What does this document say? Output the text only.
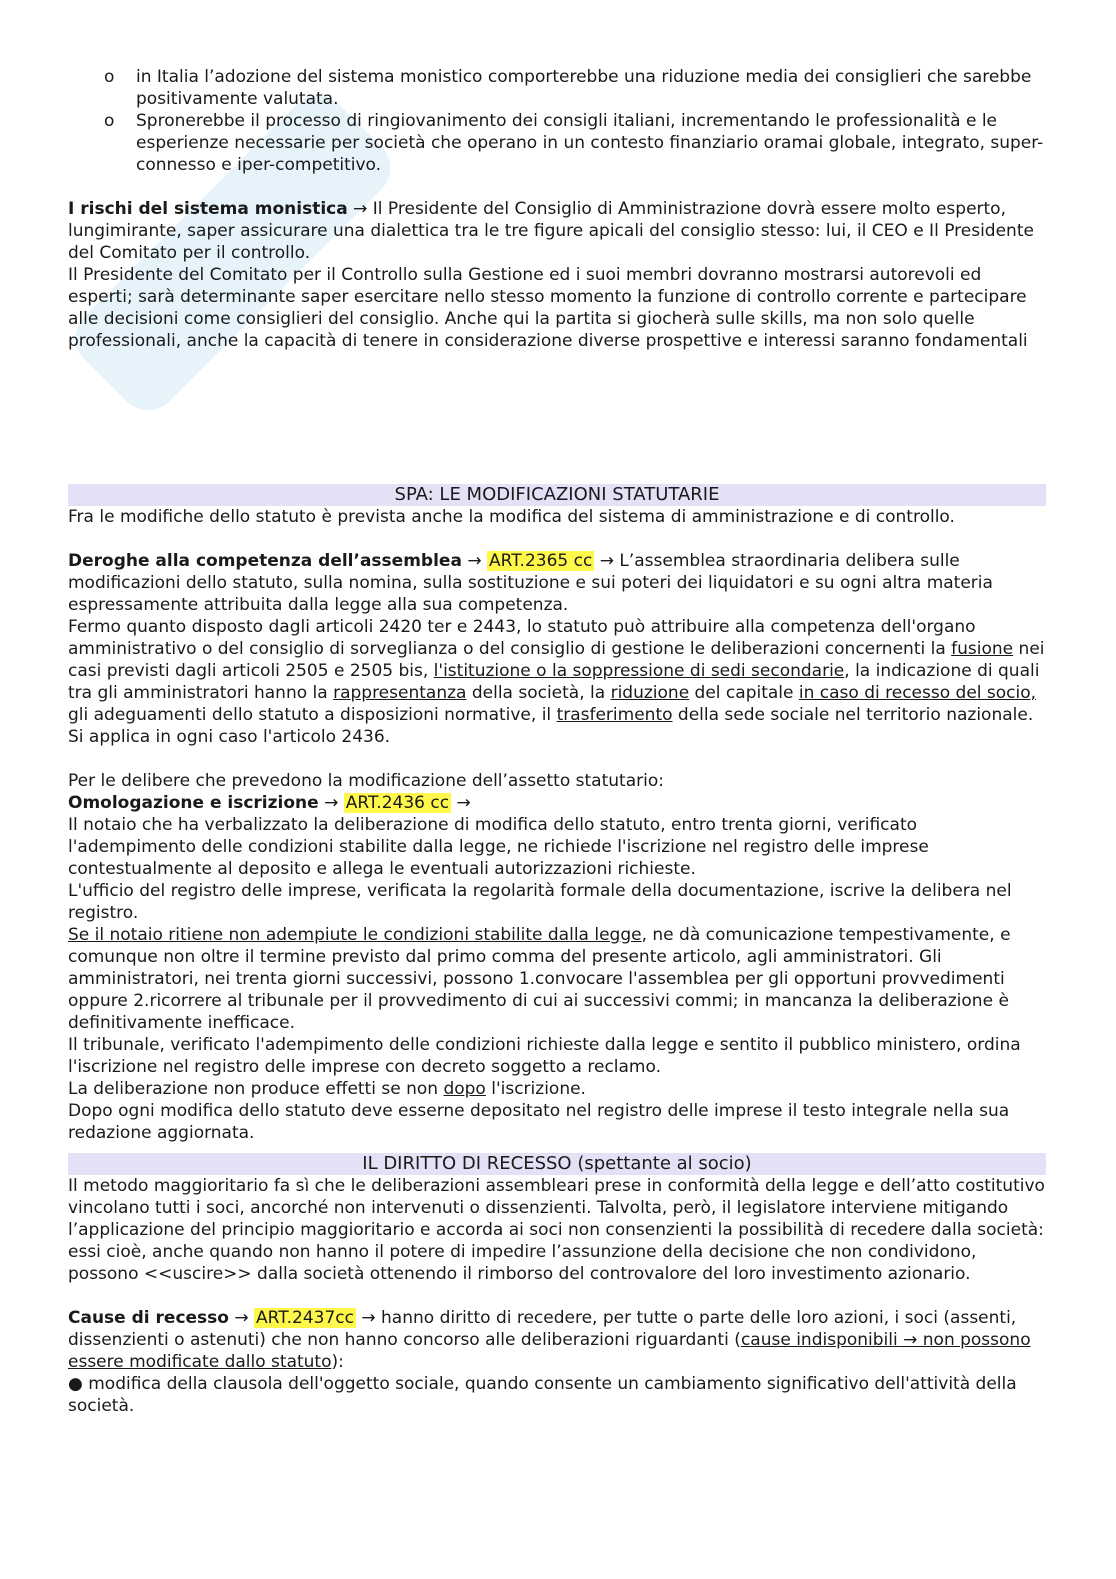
o in Italia l’adozione del sistema monistico comporterebbe una riduzione media dei consiglieri che sarebbe positivamente valutata.
o Spronerebbe il processo di ringiovanimento dei consigli italiani, incrementando le professionalità e le esperienze necessarie per società che operano in un contesto finanziario oramai globale, integrato, super-connesso e iper-competitivo.

I rischi del sistema monistica → Il Presidente del Consiglio di Amministrazione dovrà essere molto esperto, lungimirante, saper assicurare una dialettica tra le tre figure apicali del consiglio stesso: lui, il CEO e Il Presidente del Comitato per il controllo.

Il Presidente del Comitato per il Controllo sulla Gestione ed i suoi membri dovranno mostrarsi autorevoli ed esperti; sarà determinante saper esercitare nello stesso momento la funzione di controllo corrente e partecipare alle decisioni come consiglieri del consiglio. Anche qui la partita si giocherà sulle skills, ma non solo quelle professionali, anche la capacità di tenere in considerazione diverse prospettive e interessi saranno fondamentali

SPA: LE MODIFICAZIONI STATUTARIE

Fra le modifiche dello statuto è prevista anche la modifica del sistema di amministrazione e di controllo.

Deroghe alla competenza dell’assemblea → ART.2365 cc → L’assemblea straordinaria delibera sulle modificazioni dello statuto, sulla nomina, sulla sostituzione e sui poteri dei liquidatori e su ogni altra materia espressamente attribuita dalla legge alla sua competenza.

Fermo quanto disposto dagli articoli 2420 ter e 2443, lo statuto può attribuire alla competenza dell'organo amministrativo o del consiglio di sorveglianza o del consiglio di gestione le deliberazioni concernenti la fusione nei casi previsti dagli articoli 2505 e 2505 bis, l'istituzione o la soppressione di sedi secondarie, la indicazione di quali tra gli amministratori hanno la rappresentanza della società, la riduzione del capitale in caso di recesso del socio, gli adeguamenti dello statuto a disposizioni normative, il trasferimento della sede sociale nel territorio nazionale. Si applica in ogni caso l'articolo 2436.

Per le delibere che prevedono la modificazione dell’assetto statutario:

Omologazione e iscrizione → ART.2436 cc →

Il notaio che ha verbalizzato la deliberazione di modifica dello statuto, entro trenta giorni, verificato l'adempimento delle condizioni stabilite dalla legge, ne richiede l'iscrizione nel registro delle imprese contestualmente al deposito e allega le eventuali autorizzazioni richieste.

L'ufficio del registro delle imprese, verificata la regolarità formale della documentazione, iscrive la delibera nel registro.

Se il notaio ritiene non adempiute le condizioni stabilite dalla legge, ne dà comunicazione tempestivamente, e comunque non oltre il termine previsto dal primo comma del presente articolo, agli amministratori. Gli amministratori, nei trenta giorni successivi, possono 1.convocare l'assemblea per gli opportuni provvedimenti oppure 2.ricorrere al tribunale per il provvedimento di cui ai successivi commi; in mancanza la deliberazione è definitivamente inefficace.

Il tribunale, verificato l'adempimento delle condizioni richieste dalla legge e sentito il pubblico ministero, ordina l'iscrizione nel registro delle imprese con decreto soggetto a reclamo.

La deliberazione non produce effetti se non dopo l'iscrizione.

Dopo ogni modifica dello statuto deve esserne depositato nel registro delle imprese il testo integrale nella sua redazione aggiornata.

IL DIRITTO DI RECESSO (spettante al socio)

Il metodo maggioritario fa sì che le deliberazioni assembleari prese in conformità della legge e dell’atto costitutivo vincolano tutti i soci, ancorché non intervenuti o dissenzienti. Talvolta, però, il legislatore interviene mitigando l’applicazione del principio maggioritario e accorda ai soci non consenzienti la possibilità di recedere dalla società: essi cioè, anche quando non hanno il potere di impedire l’assunzione della decisione che non condividono, possono <<uscire>> dalla società ottenendo il rimborso del controvalore del loro investimento azionario.

Cause di recesso → ART.2437cc → hanno diritto di recedere, per tutte o parte delle loro azioni, i soci (assenti, dissenzienti o astenuti) che non hanno concorso alle deliberazioni riguardanti (cause indisponibili → non possono essere modificate dallo statuto):

● modifica della clausola dell'oggetto sociale, quando consente un cambiamento significativo dell'attività della società.
